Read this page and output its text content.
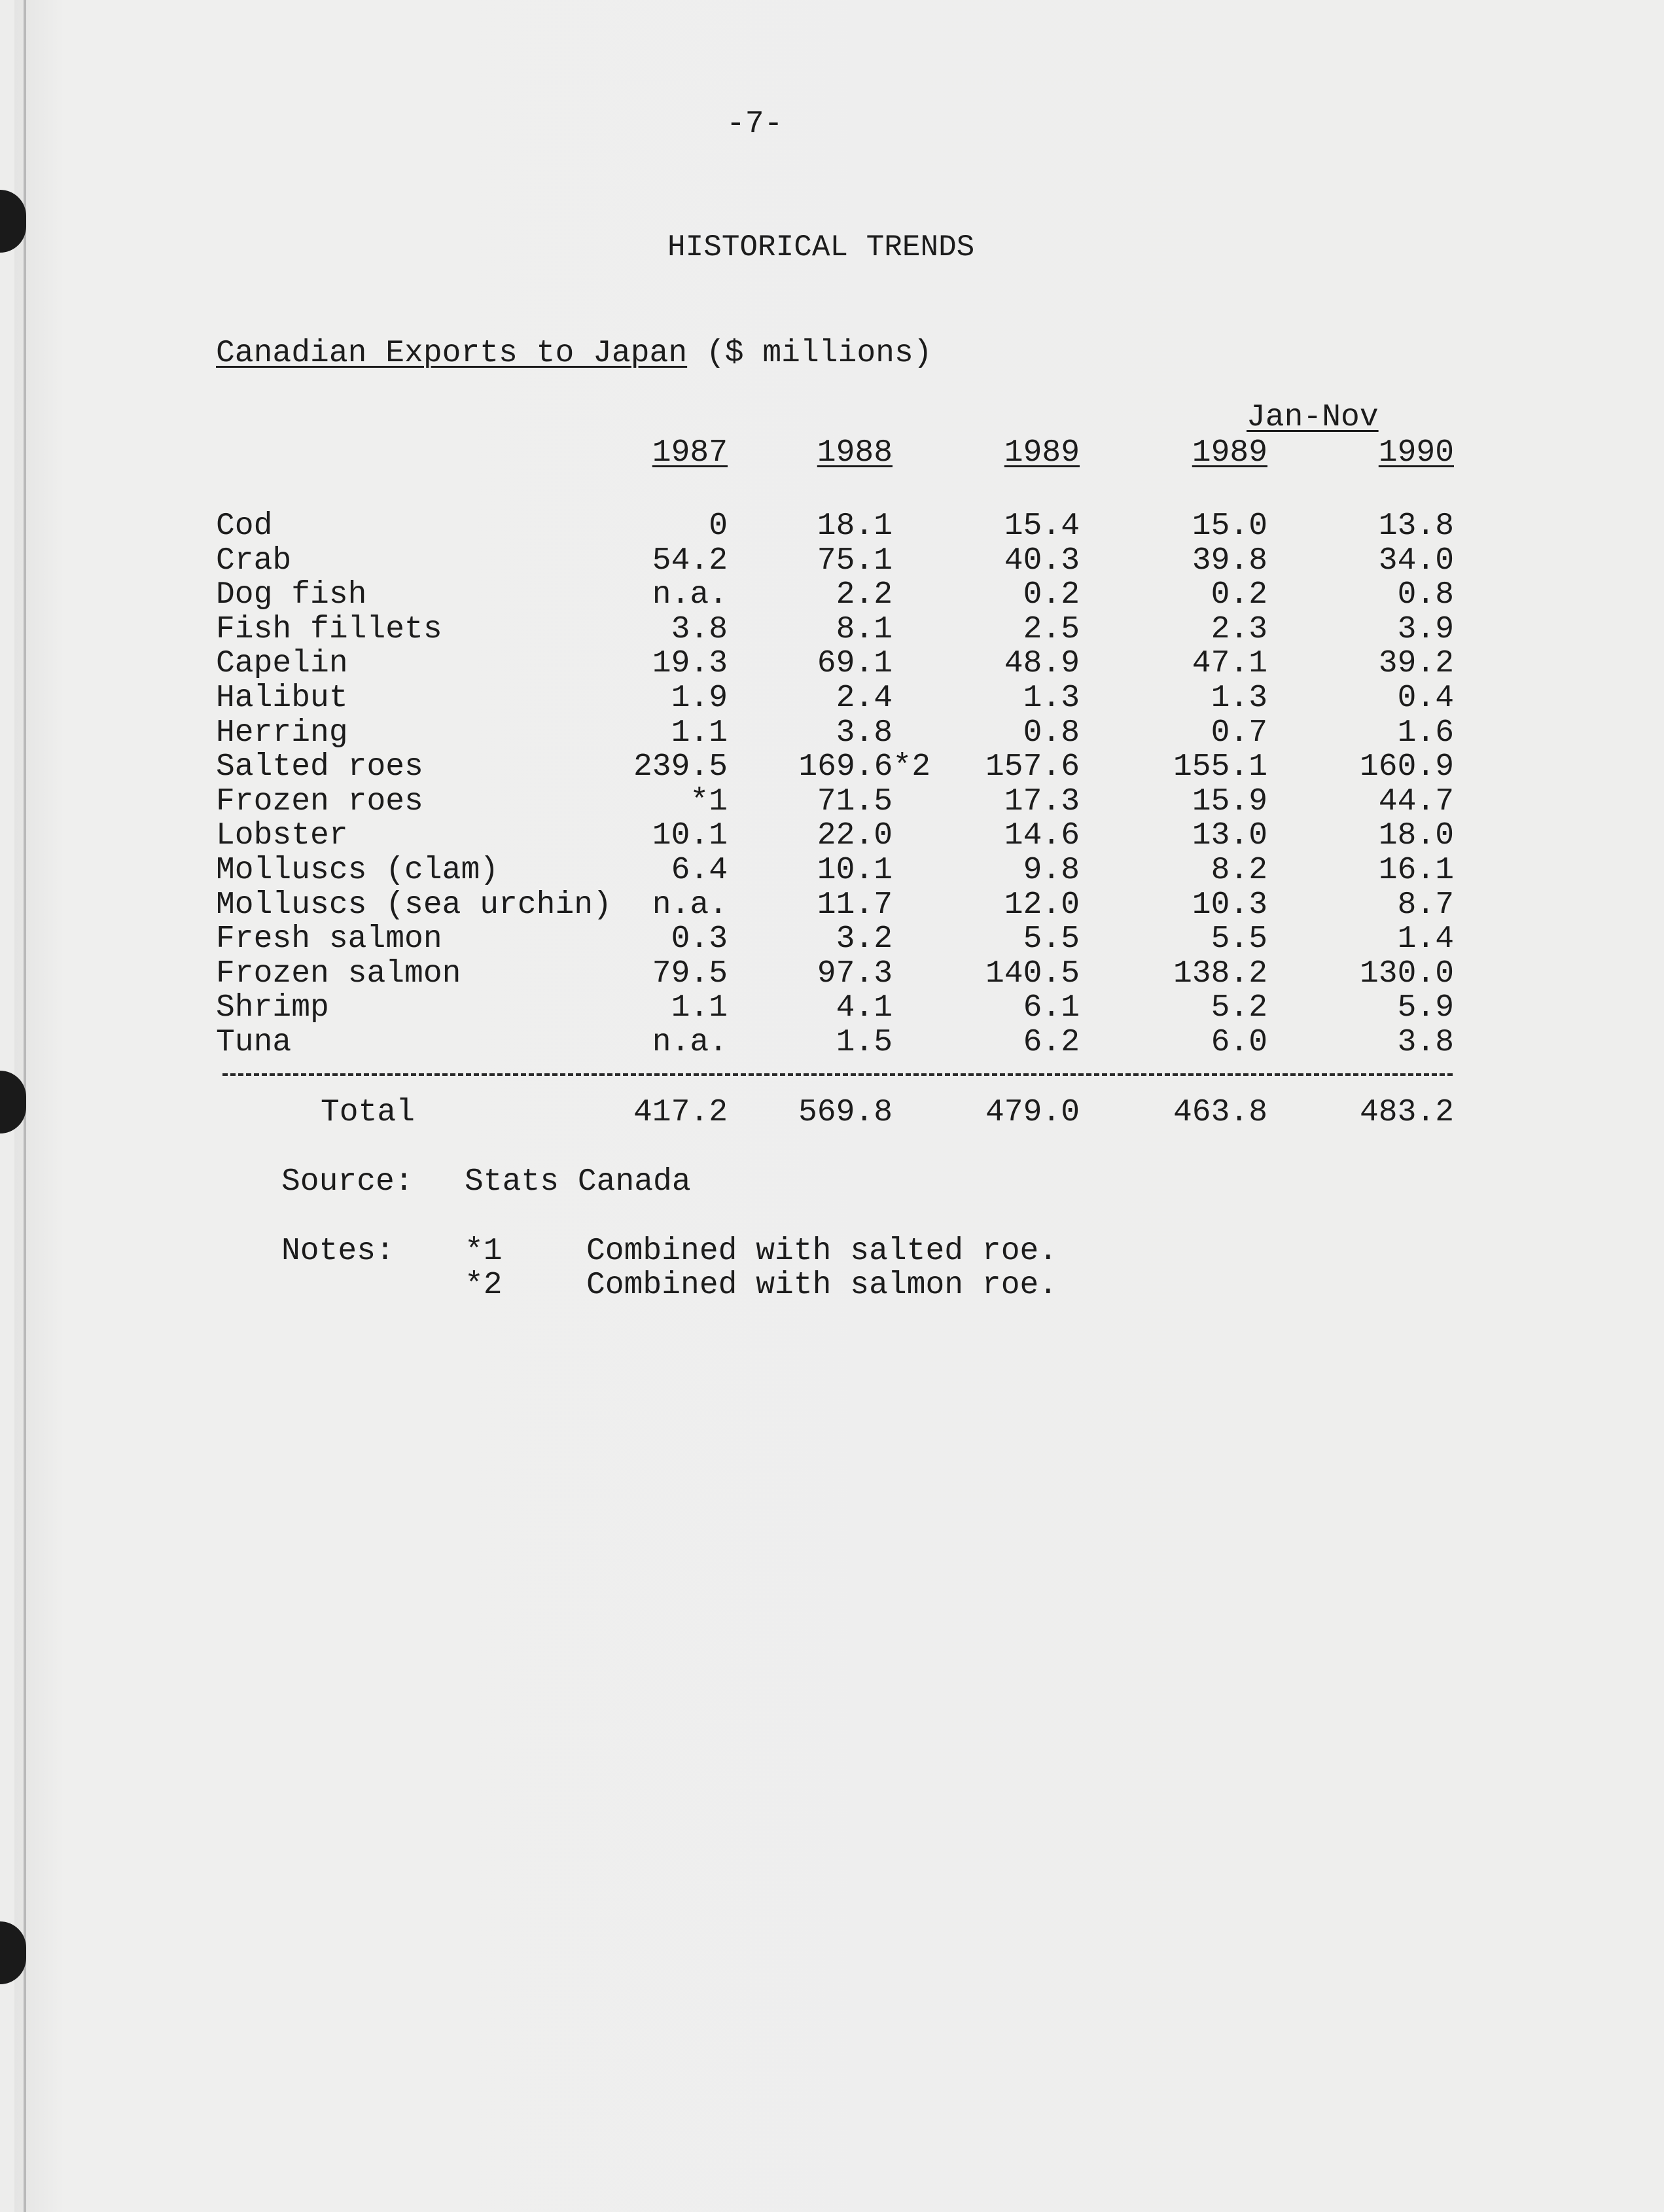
-7-
HISTORICAL TRENDS
Canadian Exports to Japan ($ millions)
Jan-Nov
1987	1988	1989	1989	1990
Cod	0	18.1	15.4	15.0	13.8
Crab	54.2	75.1	40.3	39.8	34.0
Dog fish	n.a.	2.2	0.2	0.2	0.8
Fish fillets	3.8	8.1	2.5	2.3	3.9
Capelin	19.3	69.1	48.9	47.1	39.2
Halibut	1.9	2.4	1.3	1.3	0.4
Herring	1.1	3.8	0.8	0.7	1.6
Salted roes	239.5	169.6*2	157.6	155.1	160.9
Frozen roes	*1	71.5	17.3	15.9	44.7
Lobster	10.1	22.0	14.6	13.0	18.0
Molluscs (clam)	6.4	10.1	9.8	8.2	16.1
Molluscs (sea urchin)	n.a.	11.7	12.0	10.3	8.7
Fresh salmon	0.3	3.2	5.5	5.5	1.4
Frozen salmon	79.5	97.3	140.5	138.2	130.0
Shrimp	1.1	4.1	6.1	5.2	5.9
Tuna	n.a.	1.5	6.2	6.0	3.8
Total	417.2	569.8	479.0	463.8	483.2
Source: Stats Canada
Notes: *1	Combined with salted roe.
*2	Combined with salmon roe.
